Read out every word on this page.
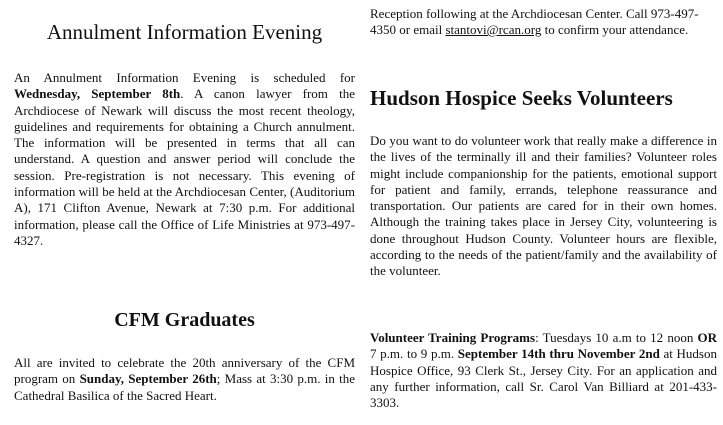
Annulment Information Evening

An Annulment Information Evening is scheduled for Wednesday, September 8th. A canon lawyer from the Archdiocese of Newark will discuss the most recent theology, guidelines and requirements for obtaining a Church annulment. The information will be presented in terms that all can understand. A question and answer period will conclude the session. Pre-registration is not necessary. This evening of information will be held at the Archdiocesan Center, (Auditorium A), 171 Clifton Avenue, Newark at 7:30 p.m. For additional information, please call the Office of Life Ministries at 973-497-4327.

CFM Graduates

All are invited to celebrate the 20th anniversary of the CFM program on Sunday, September 26th; Mass at 3:30 p.m. in the Cathedral Basilica of the Sacred Heart.

Reception following at the Archdiocesan Center. Call 973-497-4350 or email stantovi@rcan.org to confirm your attendance.

Hudson Hospice Seeks Volunteers

Do you want to do volunteer work that really make a difference in the lives of the terminally ill and their families? Volunteer roles might include companionship for the patients, emotional support for patient and family, errands, telephone reassurance and transportation. Our patients are cared for in their own homes. Although the training takes place in Jersey City, volunteering is done throughout Hudson County. Volunteer hours are flexible, according to the needs of the patient/family and the availability of the volunteer.

Volunteer Training Programs: Tuesdays 10 a.m to 12 noon OR 7 p.m. to 9 p.m. September 14th thru November 2nd at Hudson Hospice Office, 93 Clerk St., Jersey City. For an application and any further information, call Sr. Carol Van Billiard at 201-433-3303.
